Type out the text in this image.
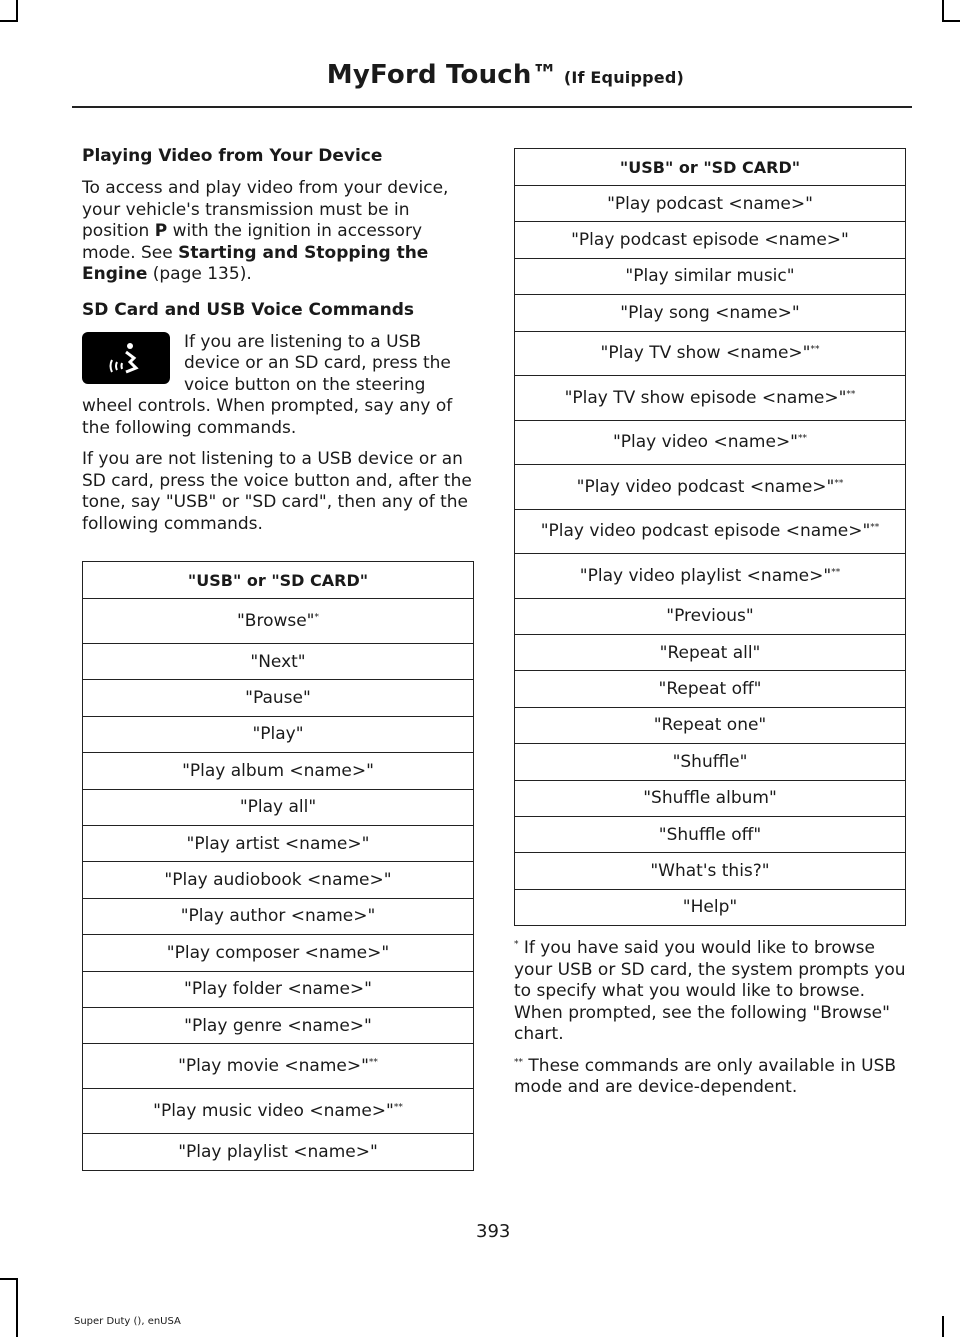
MyFord Touch™ (If Equipped)
Playing Video from Your Device

To access and play video from your device, your vehicle's transmission must be in position P with the ignition in accessory mode. See Starting and Stopping the Engine (page 135).

SD Card and USB Voice Commands

If you are listening to a USB device or an SD card, press the voice button on the steering wheel controls. When prompted, say any of the following commands.

If you are not listening to a USB device or an SD card, press the voice button and, after the tone, say "USB" or "SD card", then any of the following commands.

"USB" or "SD CARD"
"Browse"*
"Next"
"Pause"
"Play"
"Play album <name>"
"Play all"
"Play artist <name>"
"Play audiobook <name>"
"Play author <name>"
"Play composer <name>"
"Play folder <name>"
"Play genre <name>"
"Play movie <name>"**
"Play music video <name>"**
"Play playlist <name>"
"USB" or "SD CARD"
"Play podcast <name>"
"Play podcast episode <name>"
"Play similar music"
"Play song <name>"
"Play TV show <name>"**
"Play TV show episode <name>"**
"Play video <name>"**
"Play video podcast <name>"**
"Play video podcast episode <name>"**
"Play video playlist <name>"**
"Previous"
"Repeat all"
"Repeat off"
"Repeat one"
"Shuffle"
"Shuffle album"
"Shuffle off"
"What's this?"
"Help"

* If you have said you would like to browse your USB or SD card, the system prompts you to specify what you would like to browse. When prompted, see the following "Browse" chart.

** These commands are only available in USB mode and are device-dependent.

393
Super Duty (), enUSA
